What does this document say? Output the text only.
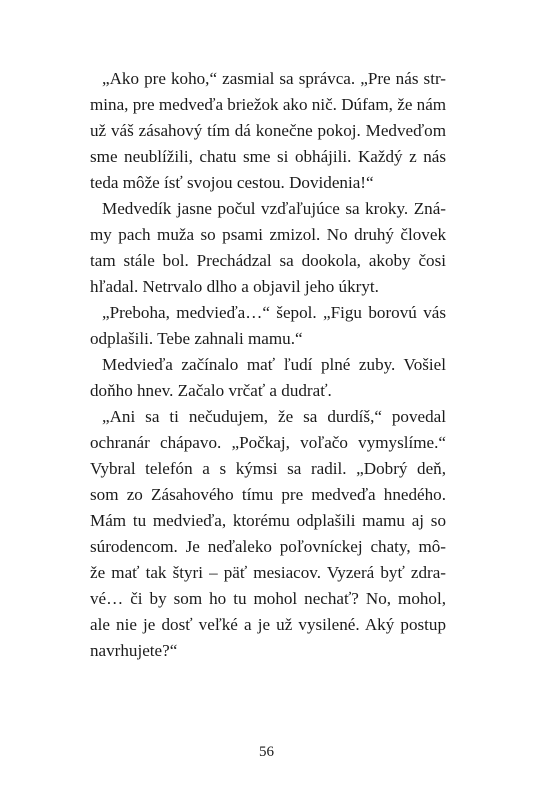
„Ako pre koho,“ zasmial sa správca. „Pre nás str-
mina, pre medveďa briežok ako nič. Dúfam, že nám
už váš zásahový tím dá konečne pokoj. Medveďom
sme neublížili, chatu sme si obhájili. Každý z nás
teda môže ísť svojou cestou. Dovidenia!“
Medvedík jasne počul vzďaľujúce sa kroky. Zná-
my pach muža so psami zmizol. No druhý človek
tam stále bol. Prechádzal sa dookola, akoby čosi
hľadal. Netrvalo dlho a objavil jeho úkryt.
„Preboha, medvieďa…“ šepol. „Figu borovú vás
odplašili. Tebe zahnali mamu.“
Medvieďa začínalo mať ľudí plné zuby. Vošiel
doňho hnev. Začalo vrčať a dudrať.
„Ani sa ti nečudujem, že sa durdíš,“ povedal
ochranár chápavo. „Počkaj, voľačo vymyslíme.“
Vybral telefón a s kýmsi sa radil. „Dobrý deň,
som zo Zásahového tímu pre medveďa hnedého.
Mám tu medvieďa, ktorému odplašili mamu aj so
súrodencom. Je neďaleko poľovníckej chaty, mô-
že mať tak štyri – päť mesiacov. Vyzerá byť zdra-
vé… či by som ho tu mohol nechať? No, mohol,
ale nie je dosť veľké a je už vysilené. Aký postup
navrhujete?“
56
